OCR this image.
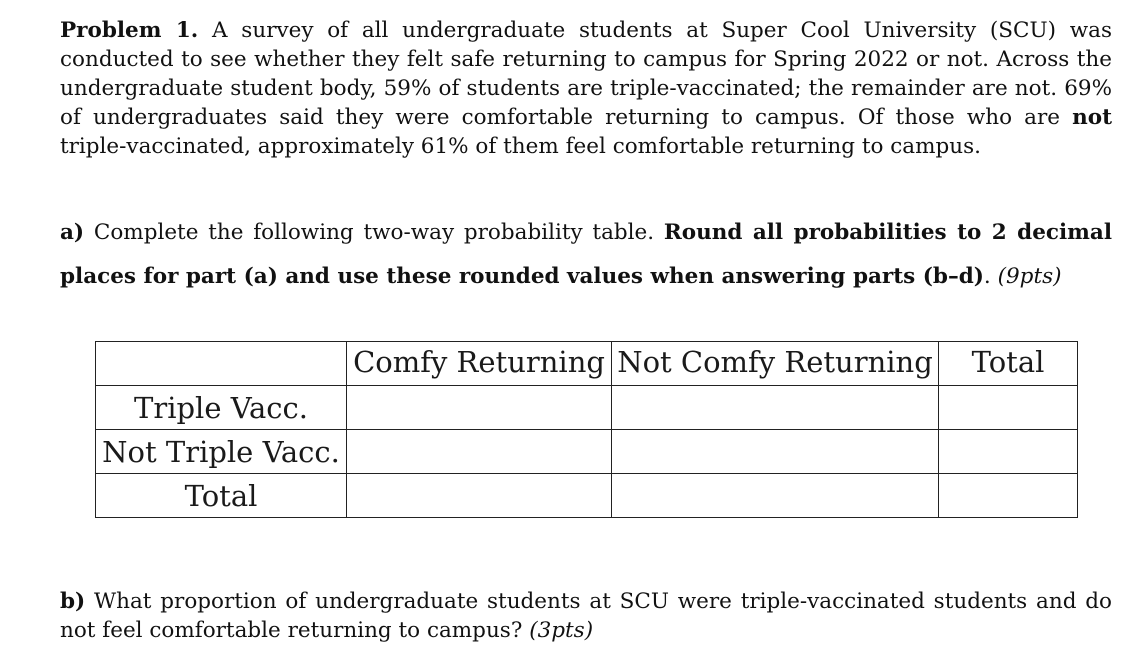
Problem 1. A survey of all undergraduate students at Super Cool University (SCU) was conducted to see whether they felt safe returning to campus for Spring 2022 or not. Across the undergraduate student body, 59% of students are triple-vaccinated; the remainder are not. 69% of undergraduates said they were comfortable returning to campus. Of those who are not triple-vaccinated, approximately 61% of them feel comfortable returning to campus.
a) Complete the following two-way probability table. Round all probabilities to 2 decimal places for part (a) and use these rounded values when answering parts (b–d). (9pts)
	Comfy Returning	Not Comfy Returning	Total
Triple Vacc.			
Not Triple Vacc.			
Total			
b) What proportion of undergraduate students at SCU were triple-vaccinated students and do not feel comfortable returning to campus? (3pts)
